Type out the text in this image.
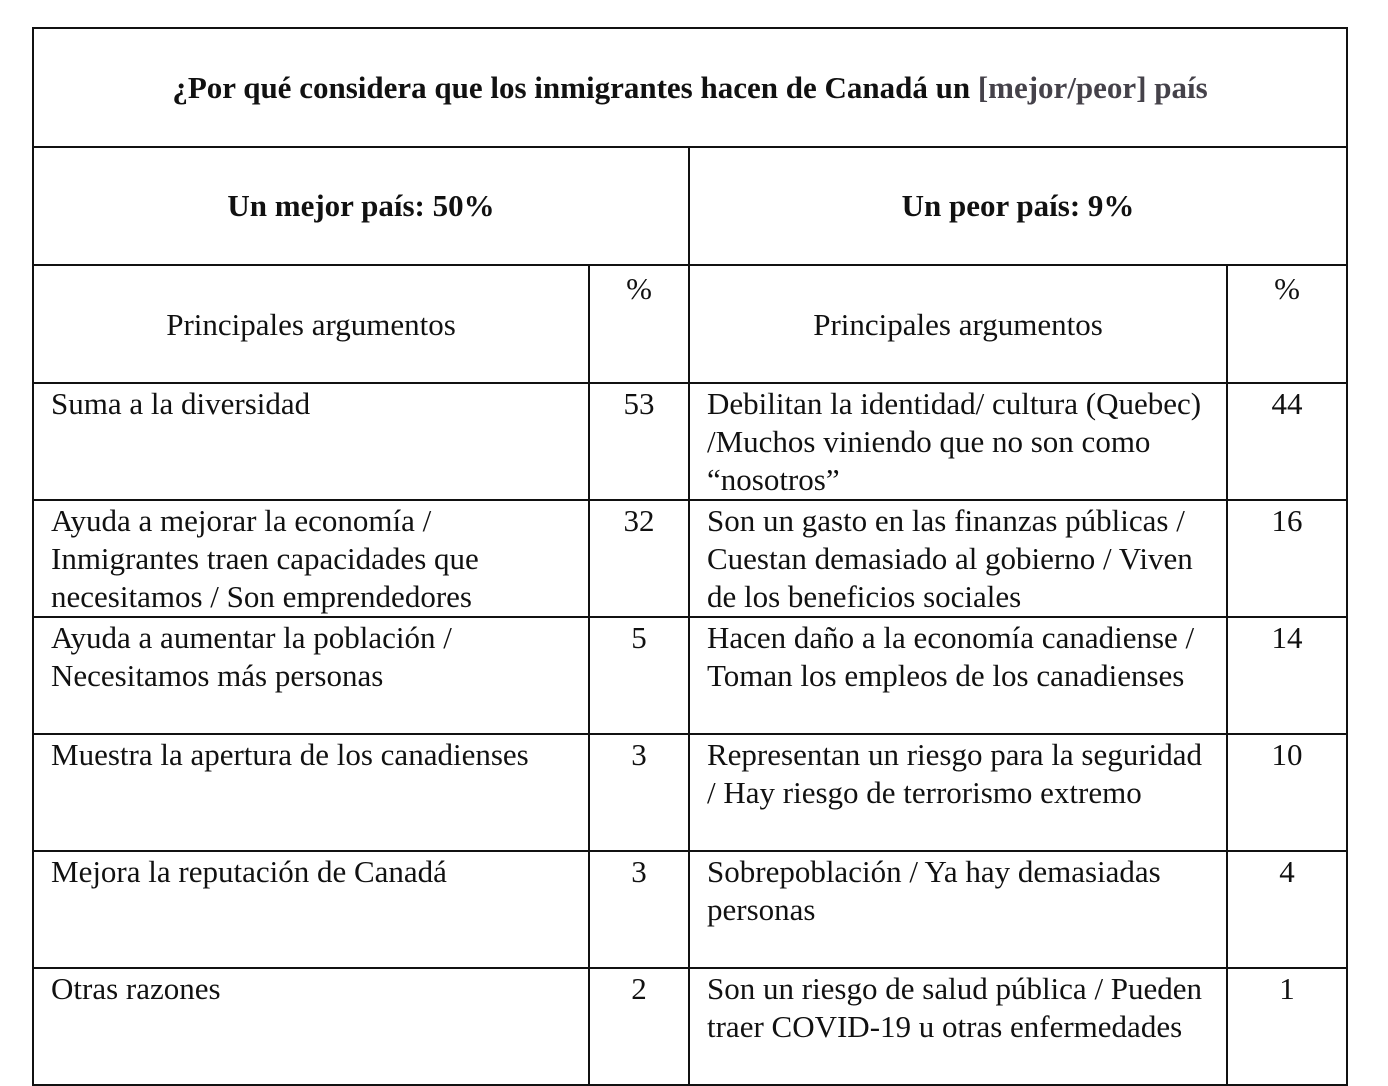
¿Por qué considera que los inmigrantes hacen de Canadá un [mejor/peor] país			
Un mejor país: 50%		Un peor país: 9%	

Principales argumentos	%	Principales argumentos	%
Suma a la diversidad	53	Debilitan la identidad/ cultura (Quebec) /Muchos viniendo que no son como “nosotros”	44
Ayuda a mejorar la economía / Inmigrantes traen capacidades que necesitamos / Son emprendedores	32	Son un gasto en las finanzas públicas / Cuestan demasiado al gobierno / Viven de los beneficios sociales	16
Ayuda a aumentar la población / Necesitamos más personas	5	Hacen daño a la economía canadiense / Toman los empleos de los canadienses	14
Muestra la apertura de los canadienses	3	Representan un riesgo para la seguridad / Hay riesgo de terrorismo extremo	10
Mejora la reputación de Canadá	3	Sobrepoblación / Ya hay demasiadas personas	4
Otras razones	2	Son un riesgo de salud pública / Pueden traer COVID-19 u otras enfermedades	1
